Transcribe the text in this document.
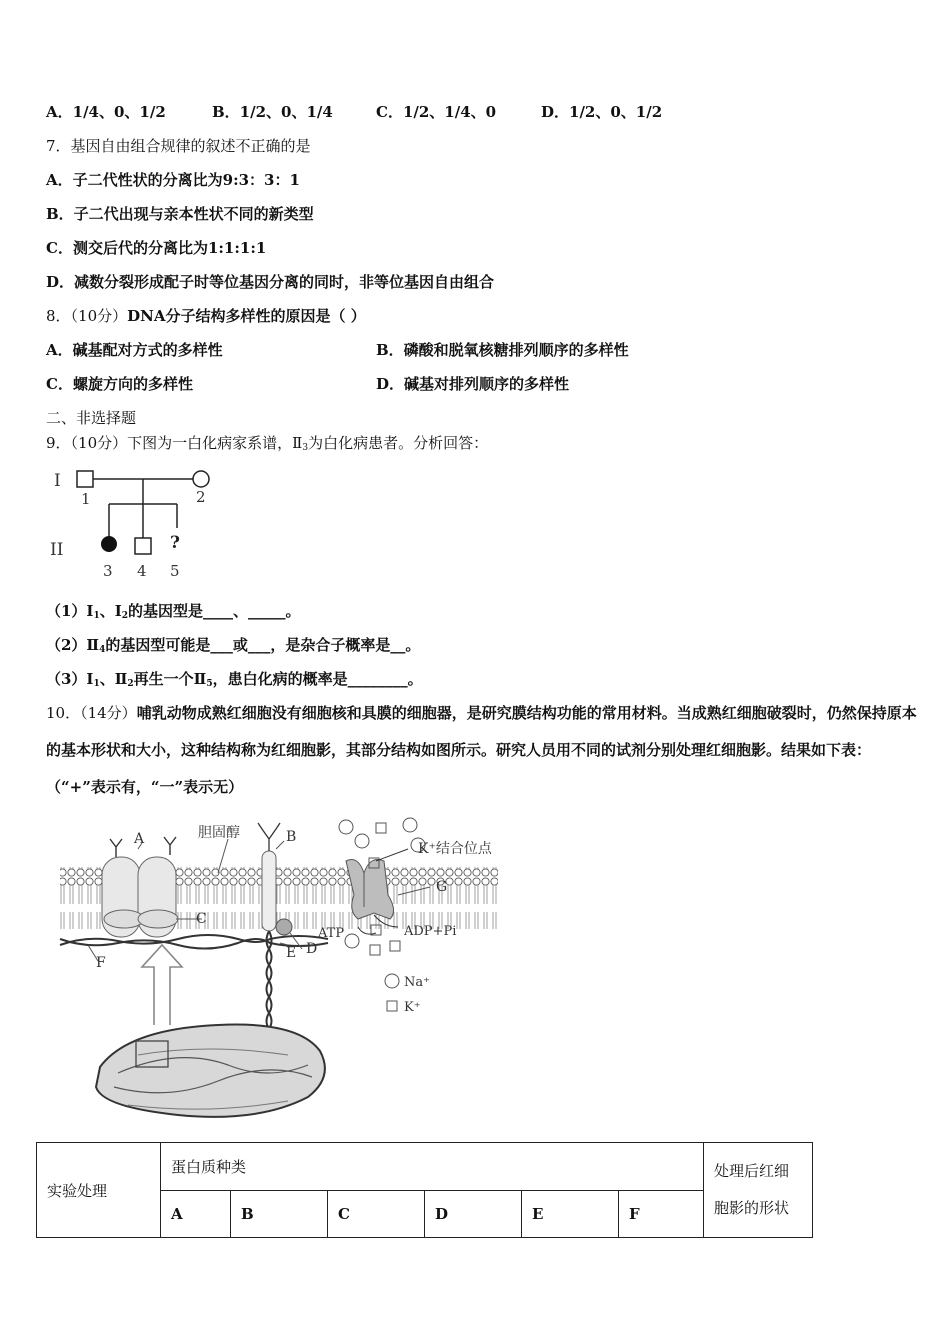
A．1/4、0、1/2	B．1/2、0、1/4	C．1/2、1/4、0	D．1/2、0、1/2
7．基因自由组合规律的叙述不正确的是
A．子二代性状的分离比为9:3：3：1
B．子二代出现与亲本性状不同的新类型
C．测交后代的分离比为1:1:1:1
D．减数分裂形成配子时等位基因分离的同时，非等位基因自由组合
8．（10分）DNA分子结构多样性的原因是（ ）
A．碱基配对方式的多样性	B．磷酸和脱氧核糖排列顺序的多样性
C．螺旋方向的多样性	D．碱基对排列顺序的多样性
二、非选择题
9．（10分）下图为一白化病家系谱，$Ⅱ_3$为白化病患者。分析回答：
I
II	?
1	2
3 4 5
$(1)Ⅰ_1$、$Ⅰ_2$的基因型是____、_____。
$(2)Ⅱ_4$的基因型可能是___或___，是杂合子概率是__。
$(3)Ⅰ_1$、$Ⅱ_2$再生一个$Ⅱ_5$，患白化病的概率是________。
10．（14分）哺乳动物成熟红细胞没有细胞核和具膜的细胞器，是研究膜结构功能的常用材料。当成熟红细胞破裂时，仍然保持原本的基本形状和大小，这种结构称为红细胞影，其部分结构如图所示。研究人员用不同的试剂分别处理红细胞影。结果如下表：（“+”表示有，“一”表示无）
A	胆固醇	B
C
D
E
F
G
K⁺结合位点
ATP	ADP+Pi
Na⁺
K⁺
实验处理	蛋白质种类						处理后红细胞影的形状
	A	B	C	D	E	F	
